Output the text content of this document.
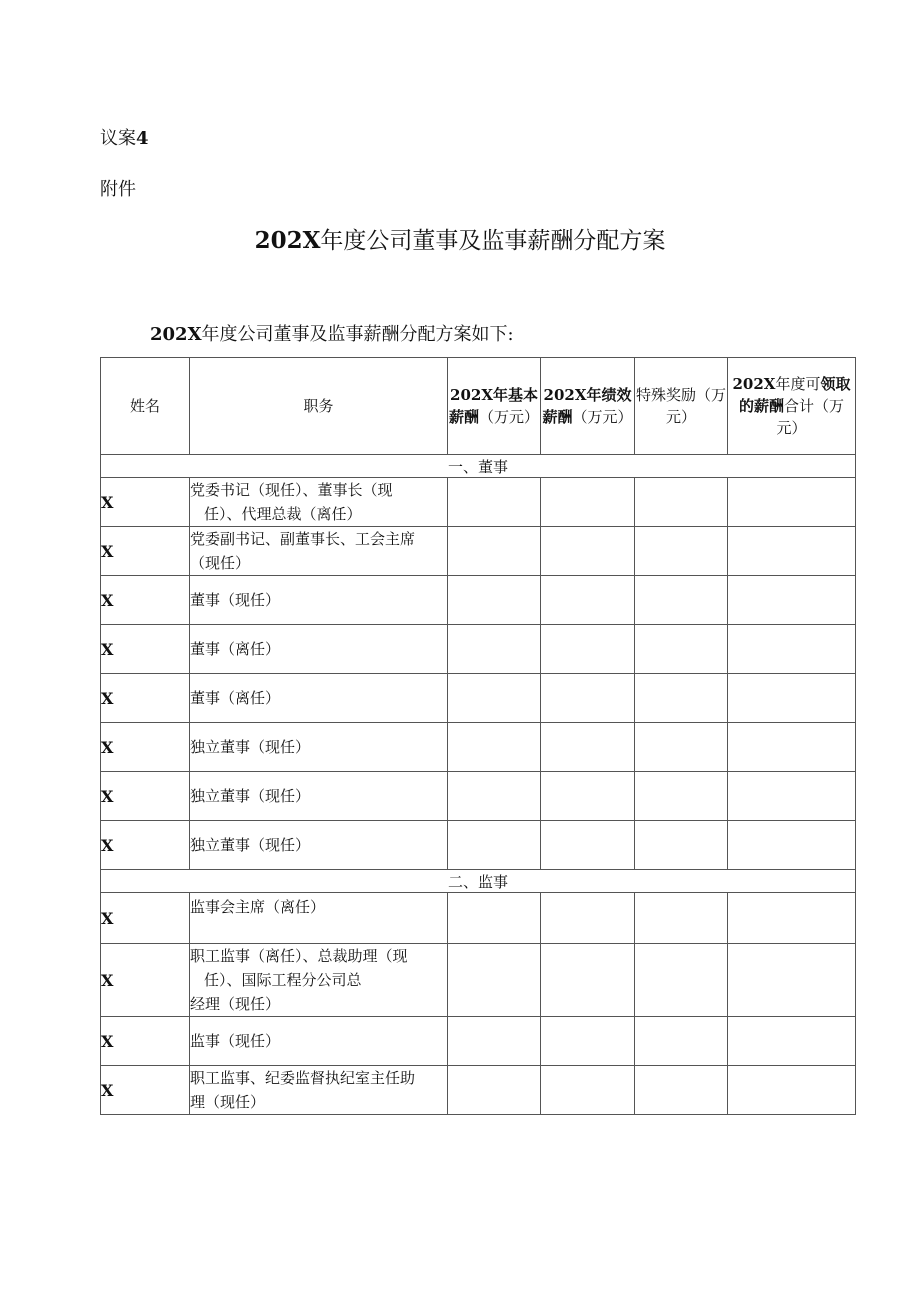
议案4
附件
202X年度公司董事及监事薪酬分配方案
202X年度公司董事及监事薪酬分配方案如下:
姓名	职务	202X年基本薪酬（万元）	202X年绩效薪酬（万元）	特殊奖励（万元）	202X年度可领取的薪酬合计（万元）
一、董事					
X	党委书记（现任）、董事长（现
任）、代理总裁（离任）				
X	党委副书记、副董事长、工会主席
（现任）				
X	董事（现任）				
X	董事（离任）				
X	董事（离任）				
X	独立董事（现任）				
X	独立董事（现任）				
X	独立董事（现任）				
二、监事					
X	监事会主席（离任）				
X	职工监事（离任）、总裁助理（现
任）、国际工程分公司总
经理（现任）				
X	监事（现任）				
X	职工监事、纪委监督执纪室主任助
理（现任）				
